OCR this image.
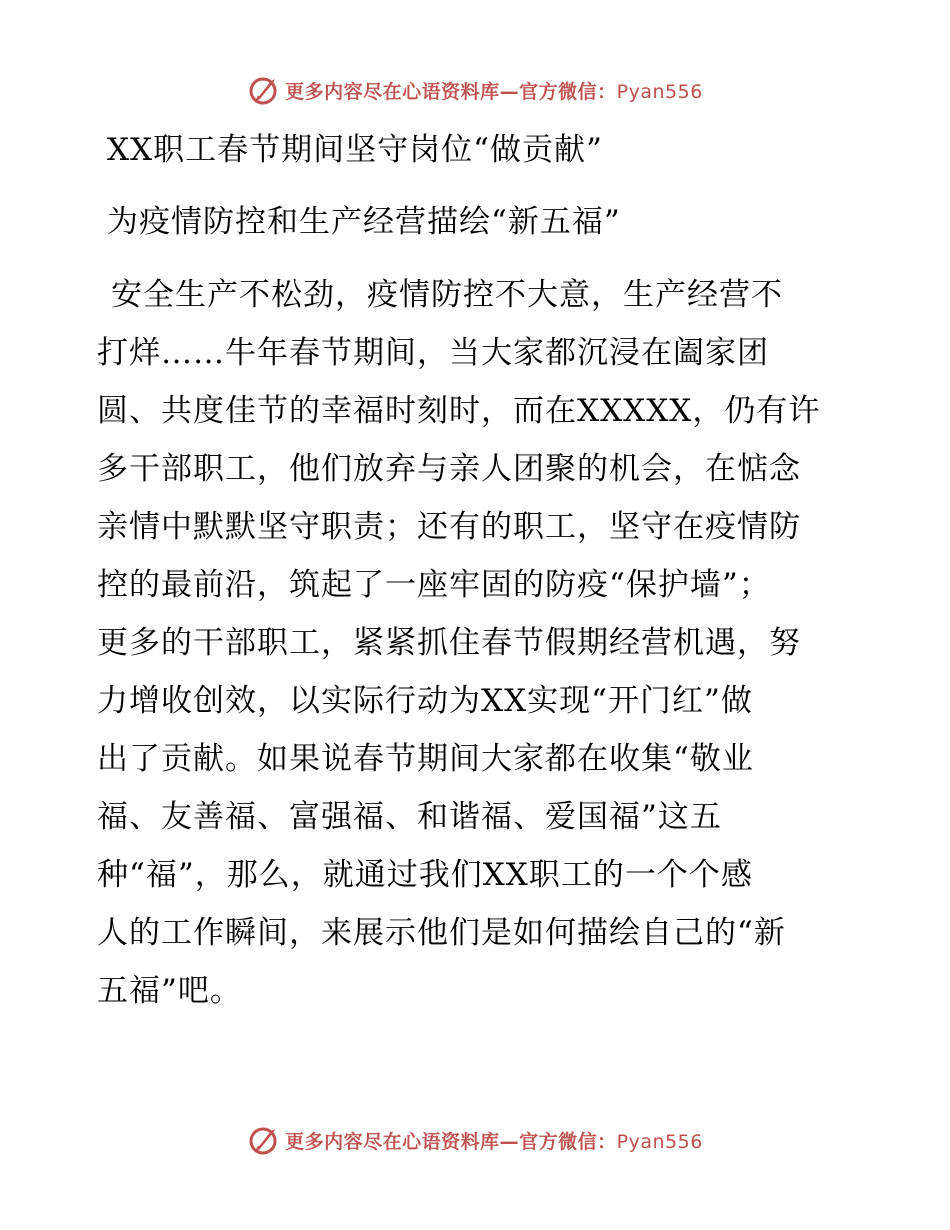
更多内容尽在心语资料库—官方微信：Pyan556
XX职工春节期间坚守岗位“做贡献”
为疫情防控和生产经营描绘“新五福”
安全生产不松劲，疫情防控不大意，生产经营不
打烊……牛年春节期间，当大家都沉浸在阖家团
圆、共度佳节的幸福时刻时，而在XXXXX，仍有许
多干部职工，他们放弃与亲人团聚的机会，在惦念
亲情中默默坚守职责；还有的职工，坚守在疫情防
控的最前沿，筑起了一座牢固的防疫“保护墙”；
更多的干部职工，紧紧抓住春节假期经营机遇，努
力增收创效，以实际行动为XX实现“开门红”做
出了贡献。如果说春节期间大家都在收集“敬业
福、友善福、富强福、和谐福、爱国福”这五
种“福”，那么，就通过我们XX职工的一个个感
人的工作瞬间，来展示他们是如何描绘自己的“新
五福”吧。
更多内容尽在心语资料库—官方微信：Pyan556
